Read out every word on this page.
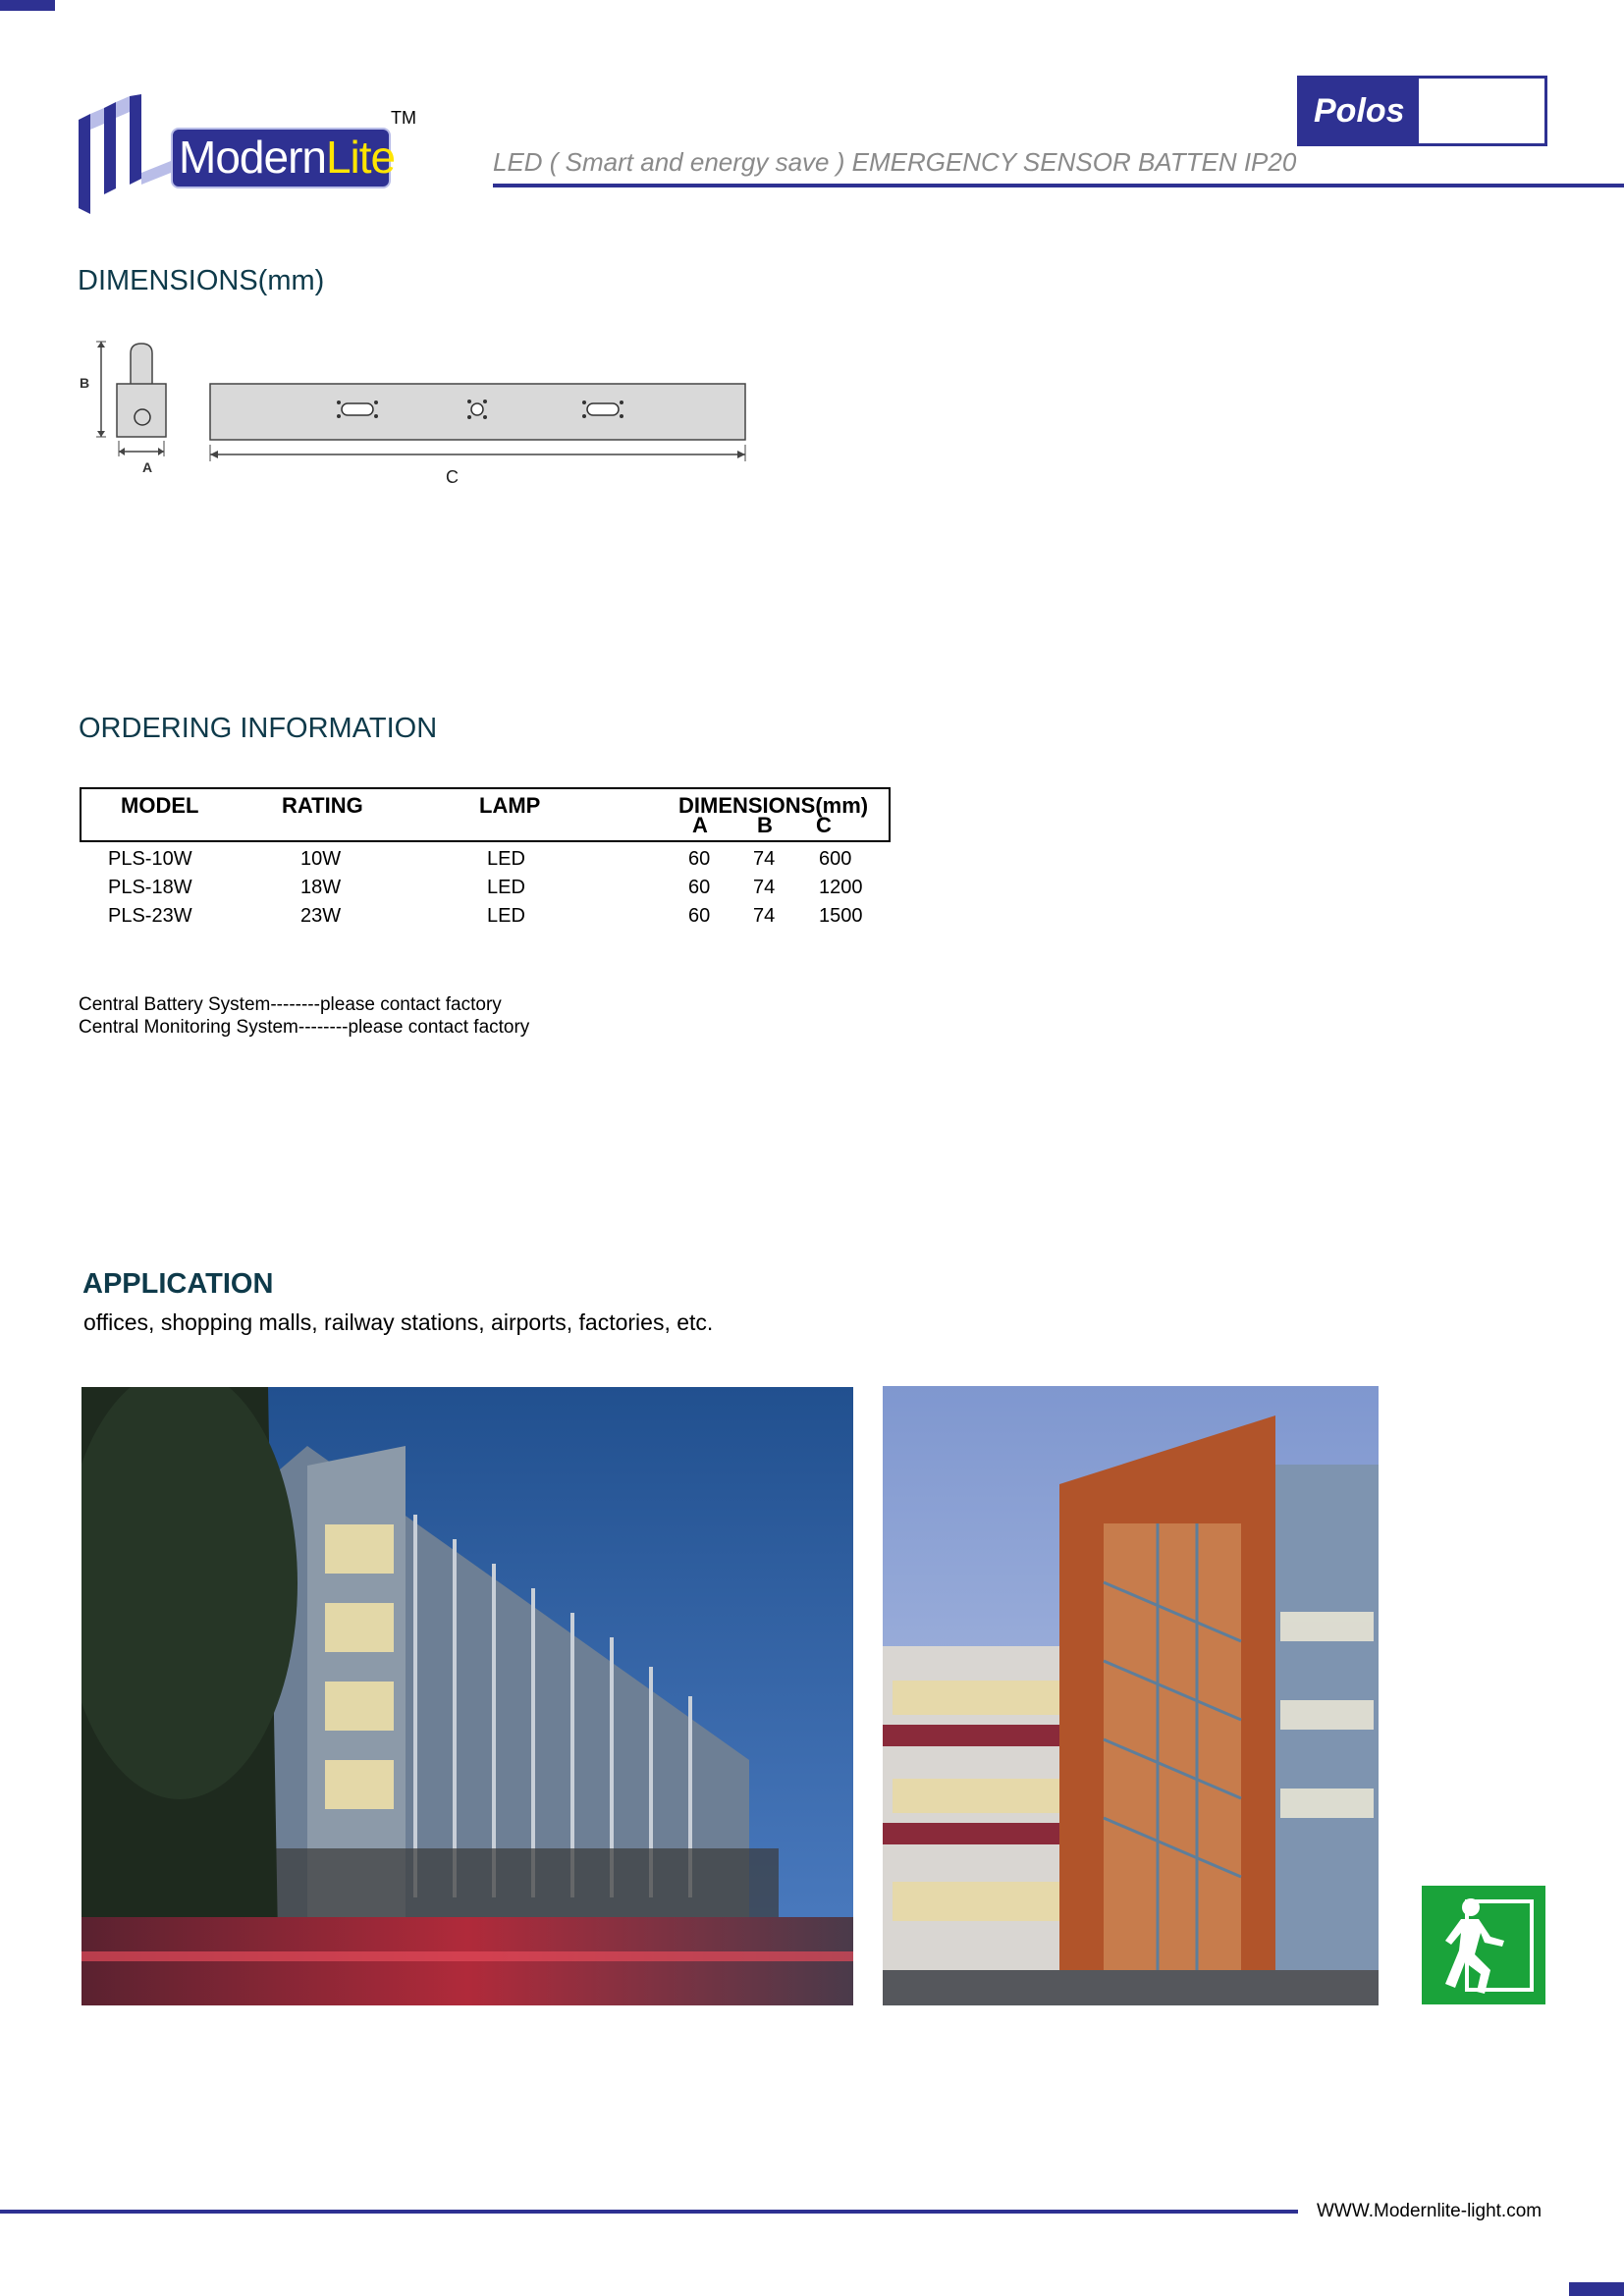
ModernLite
TM	Polos
LED ( Smart and energy save ) EMERGENCY SENSOR BATTEN IP20
DIMENSIONS(mm)
B
A	C
ORDERING INFORMATION
MODEL	RATING	LAMP	DIMENSIONS(mm)
A B C
PLS-10W	10W	LED	60 74 600
PLS-18W	18W	LED	60 74 1200
PLS-23W	23W	LED	60 74 1500
Central Battery System--------please contact factory
Central Monitoring System--------please contact factory
APPLICATION
offices, shopping malls, railway stations, airports, factories, etc.
WWW.Modernlite-light.com
